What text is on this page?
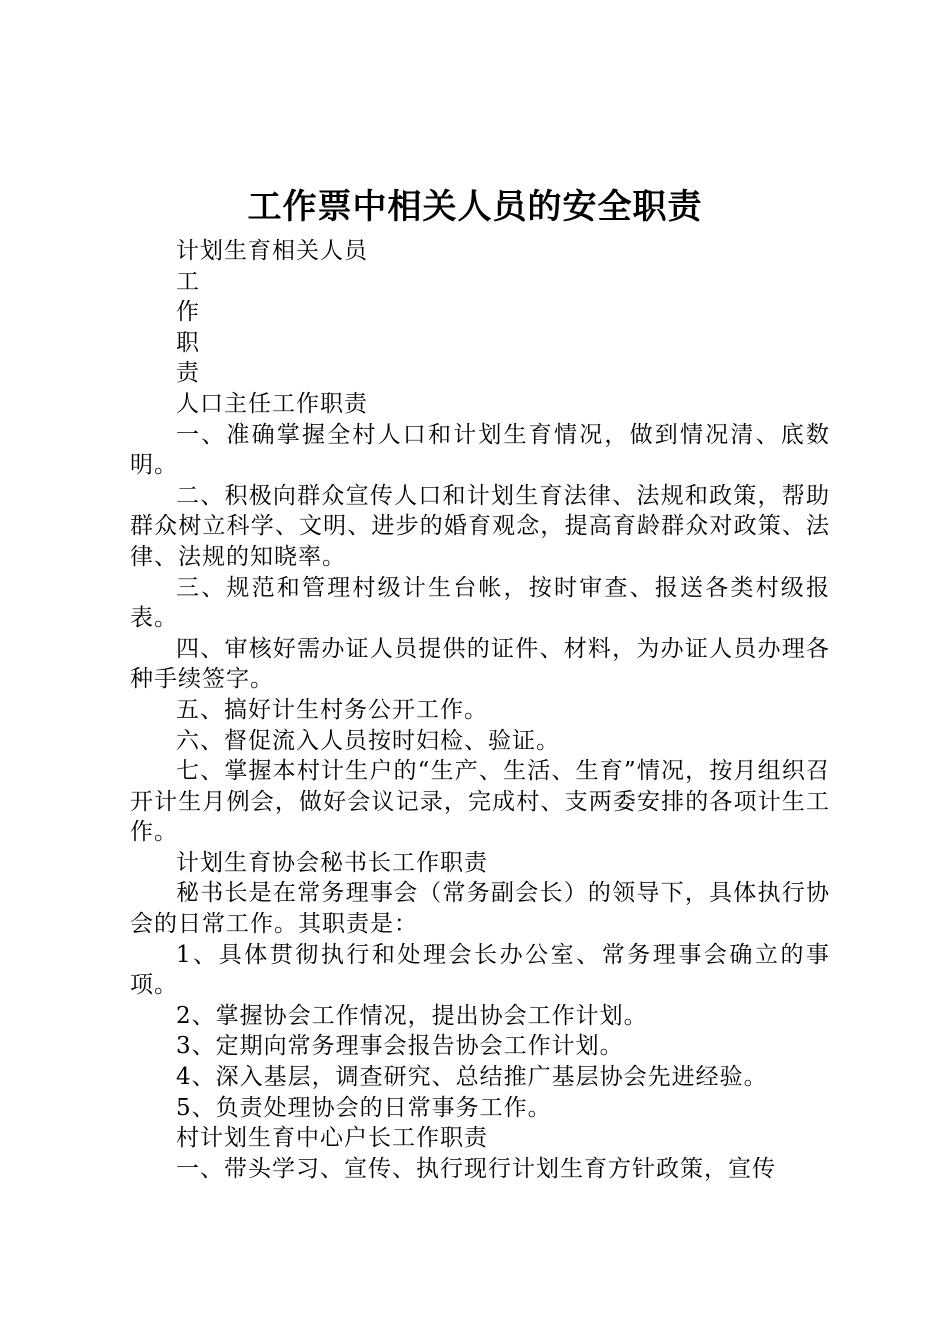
工作票中相关人员的安全职责

计划生育相关人员

工

作

职

责

人口主任工作职责

一、准确掌握全村人口和计划生育情况，做到情况清、底数明。

二、积极向群众宣传人口和计划生育法律、法规和政策，帮助群众树立科学、文明、进步的婚育观念，提高育龄群众对政策、法律、法规的知晓率。

三、规范和管理村级计生台帐，按时审查、报送各类村级报表。

四、审核好需办证人员提供的证件、材料，为办证人员办理各种手续签字。

五、搞好计生村务公开工作。

六、督促流入人员按时妇检、验证。

七、掌握本村计生户的“生产、生活、生育”情况，按月组织召开计生月例会，做好会议记录，完成村、支两委安排的各项计生工作。

计划生育协会秘书长工作职责

秘书长是在常务理事会（常务副会长）的领导下，具体执行协会的日常工作。其职责是：

1、具体贯彻执行和处理会长办公室、常务理事会确立的事项。

2、掌握协会工作情况，提出协会工作计划。

3、定期向常务理事会报告协会工作计划。

4、深入基层，调查研究、总结推广基层协会先进经验。

5、负责处理协会的日常事务工作。

村计划生育中心户长工作职责

一、带头学习、宣传、执行现行计划生育方针政策，宣传
